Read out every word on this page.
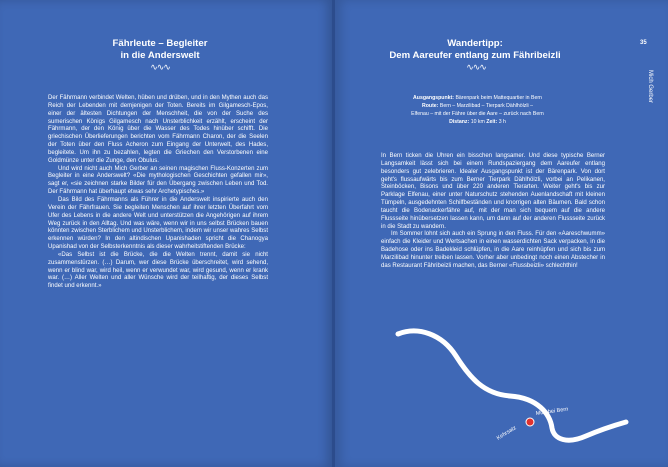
Fährleute – Begleiter
in die Anderswelt
∿∿∿

Der Fährmann verbindet Welten, hüben und drüben, und in den Mythen auch das Reich der Lebenden mit demjenigen der Toten. Bereits im Gilgamesch-Epos, einer der ältesten Dichtungen der Menschheit, die von der Suche des sumerischen Königs Gilgamesch nach Unsterblichkeit erzählt, erscheint der Fährmann, der den König über die Wasser des Todes hinüber schifft. Die griechischen Überlieferungen berichten vom Fährmann Charon, der die Seelen der Toten über den Fluss Acheron zum Eingang der Unterwelt, des Hades, begleitete. Um ihn zu bezahlen, legten die Griechen den Verstorbenen eine Goldmünze unter die Zunge, den Obulus.

Und wird nicht auch Mich Gerber an seinen magischen Fluss-Konzerten zum Begleiter in eine Anderswelt? «Die mythologischen Geschichten gefallen mir», sagt er, «sie zeichnen starke Bilder für den Übergang zwischen Leben und Tod. Der Fährmann hat überhaupt etwas sehr Archetypisches.»

Das Bild des Fährmanns als Führer in die Anderswelt inspirierte auch den Verein der Fährfrauen. Sie begleiten Menschen auf ihrer letzten Überfahrt vom Ufer des Lebens in die andere Welt und unterstützen die Angehörigen auf ihrem Weg zurück in den Alltag. Und was wäre, wenn wir in uns selbst Brücken bauen könnten zwischen Sterblichem und Unsterblichem, indem wir unser wahres Selbst erkennen würden? In den altindischen Upanishaden spricht die Chanogya Upanishad von der Selbsterkenntnis als dieser wahrheitstiftenden Brücke:

«Das Selbst ist die Brücke, die die Welten trennt, damit sie nicht zusammenstürzen. (…) Darum, wer diese Brücke überschreitet, wird sehend, wenn er blind war, wird heil, wenn er verwundet war, wird gesund, wenn er krank war. (…) Aller Welten und aller Wünsche wird der teilhaftig, der dieses Selbst findet und erkennt.»

35
Mich Gerber
Wandertipp:
Dem Aareufer entlang zum Fähribeizli
∿∿∿
Ausgangspunkt: Bärenpark beim Mattequartier in Bern
Route: Bern – Marzilibad – Tierpark Dählhölzli –
Elfenau – mit der Fähre über die Aare – zurück nach Bern
Distanz: 10 km Zeit: 3 h

In Bern ticken die Uhren ein bisschen langsamer. Und diese typische Berner Langsamkeit lässt sich bei einem Rundspaziergang dem Aareufer entlang besonders gut zelebrieren. Idealer Ausgangspunkt ist der Bärenpark. Von dort geht's flussaufwärts bis zum Berner Tierpark Dählhölzli, vorbei an Pelikanen, Steinböcken, Bisons und über 220 anderen Tierarten. Weiter geht's bis zur Parklage Elfenau, einer unter Naturschutz stehenden Auenlandschaft mit kleinen Tümpeln, ausgedehnten Schilfbeständen und knorrigen alten Bäumen. Bald schon taucht die Bodenackerfähre auf, mit der man sich bequem auf die andere Flussseite hinübersetzen lassen kann, um dann auf der anderen Flussseite zurück in die Stadt zu wandern.

Im Sommer lohnt sich auch ein Sprung in den Fluss. Für den «Aareschwumm» einfach die Kleider und Wertsachen in einen wasserdichten Sack verpacken, in die Badehose oder ins Badekleid schlüpfen, in die Aare reinhüpfen und sich bis zum Marzilibad hinunter treiben lassen. Vorher aber unbedingt noch einen Abstecher in das Restaurant Fähribeizli machen, das Berner «Flussbeizli» schlechthin!

Kehrsatz
Muri bei Bern
